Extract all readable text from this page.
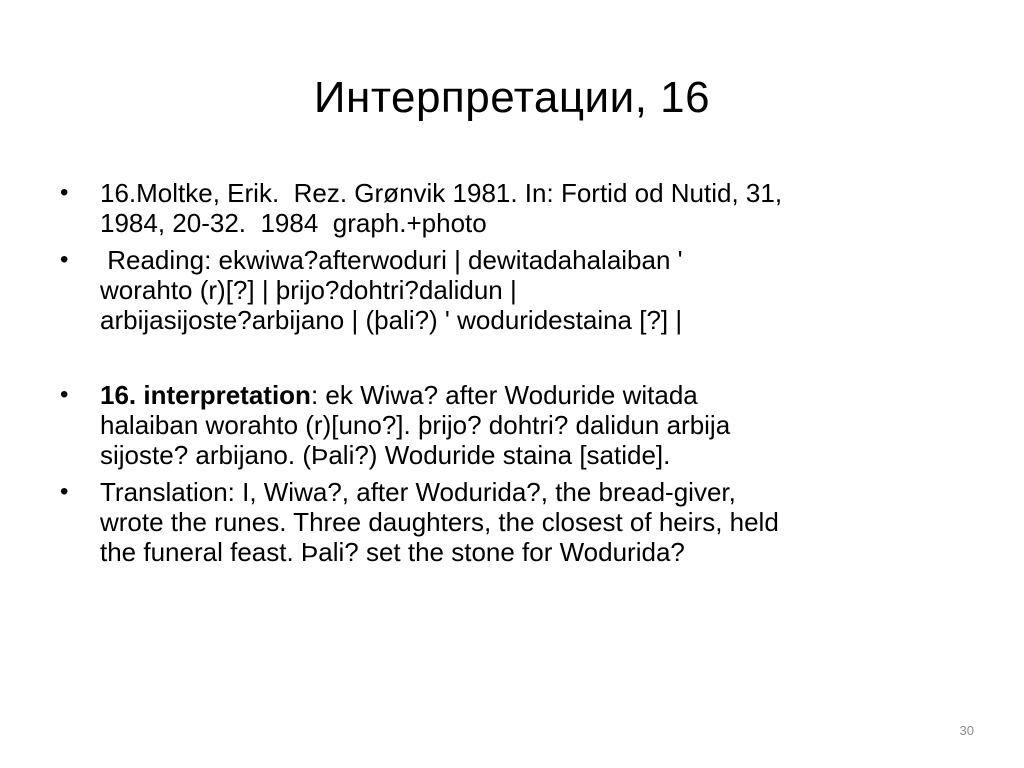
Интерпретации, 16
• 16.Moltke, Erik.  Rez. Grønvik 1981. In: Fortid od Nutid, 31,
1984, 20-32.  1984  graph.+photo
• Reading: ekwiwa?afterwoduri | dewitadahalaiban '
worahto (r)[?] | þrijo?dohtri?dalidun |
arbijasijoste?arbijano | (þali?) ' woduridestaina [?] |
• 16. interpretation: ek Wiwa? after Woduride witada
halaiban worahto (r)[uno?]. þrijo? dohtri? dalidun arbija
sijoste? arbijano. (Þali?) Woduride staina [satide].
• Translation: I, Wiwa?, after Wodurida?, the bread-giver,
wrote the runes. Three daughters, the closest of heirs, held
the funeral feast. Þali? set the stone for Wodurida?
30
